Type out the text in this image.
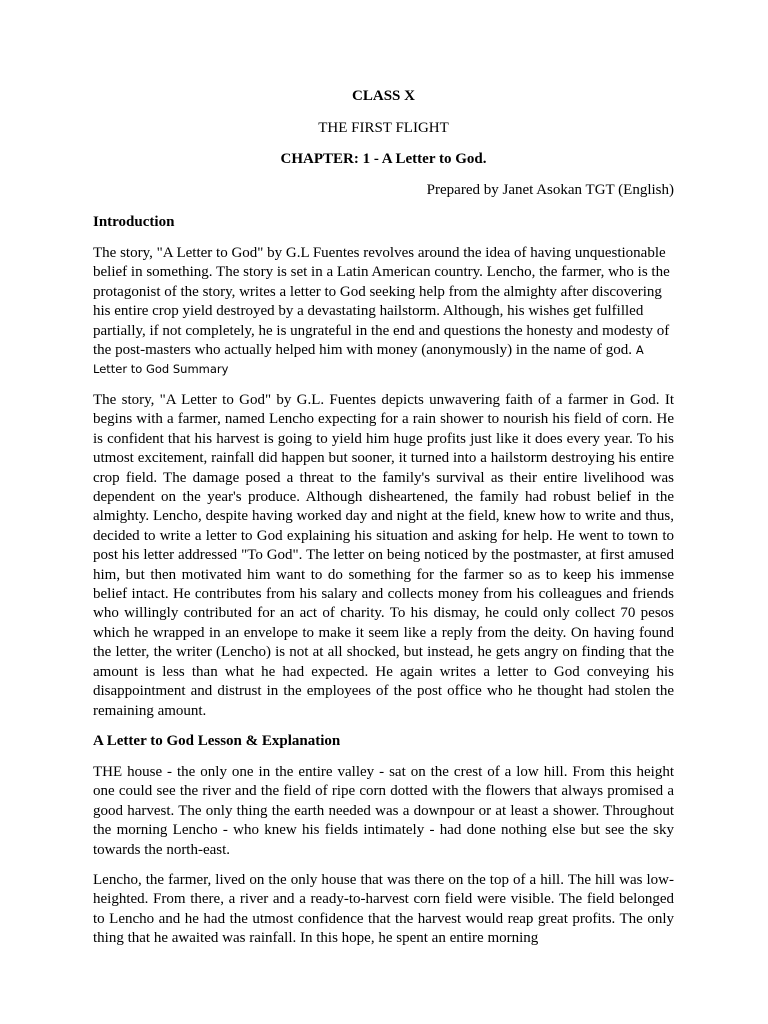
CLASS X
THE FIRST FLIGHT
CHAPTER: 1 - A Letter to God.
Prepared by Janet Asokan TGT (English)
Introduction
The story, "A Letter to God" by G.L Fuentes revolves around the idea of having unquestionable belief in something. The story is set in a Latin American country. Lencho, the farmer, who is the protagonist of the story, writes a letter to God seeking help from the almighty after discovering his entire crop yield destroyed by a devastating hailstorm. Although, his wishes get fulfilled partially, if not completely, he is ungrateful in the end and questions the honesty and modesty of the post-masters who actually helped him with money (anonymously) in the name of god. A Letter to God Summary
The story, "A Letter to God" by G.L. Fuentes depicts unwavering faith of a farmer in God. It begins with a farmer, named Lencho expecting for a rain shower to nourish his field of corn. He is confident that his harvest is going to yield him huge profits just like it does every year. To his utmost excitement, rainfall did happen but sooner, it turned into a hailstorm destroying his entire crop field. The damage posed a threat to the family's survival as their entire livelihood was dependent on the year's produce. Although disheartened, the family had robust belief in the almighty. Lencho, despite having worked day and night at the field, knew how to write and thus, decided to write a letter to God explaining his situation and asking for help. He went to town to post his letter addressed "To God". The letter on being noticed by the postmaster, at first amused him, but then motivated him want to do something for the farmer so as to keep his immense belief intact. He contributes from his salary and collects money from his colleagues and friends who willingly contributed for an act of charity. To his dismay, he could only collect 70 pesos which he wrapped in an envelope to make it seem like a reply from the deity. On having found the letter, the writer (Lencho) is not at all shocked, but instead, he gets angry on finding that the amount is less than what he had expected. He again writes a letter to God conveying his disappointment and distrust in the employees of the post office who he thought had stolen the remaining amount.
A Letter to God Lesson & Explanation
THE house - the only one in the entire valley - sat on the crest of a low hill. From this height one could see the river and the field of ripe corn dotted with the flowers that always promised a good harvest. The only thing the earth needed was a downpour or at least a shower. Throughout the morning Lencho - who knew his fields intimately - had done nothing else but see the sky towards the north-east.
Lencho, the farmer, lived on the only house that was there on the top of a hill. The hill was low-heighted. From there, a river and a ready-to-harvest corn field were visible. The field belonged to Lencho and he had the utmost confidence that the harvest would reap great profits. The only thing that he awaited was rainfall. In this hope, he spent an entire morning
